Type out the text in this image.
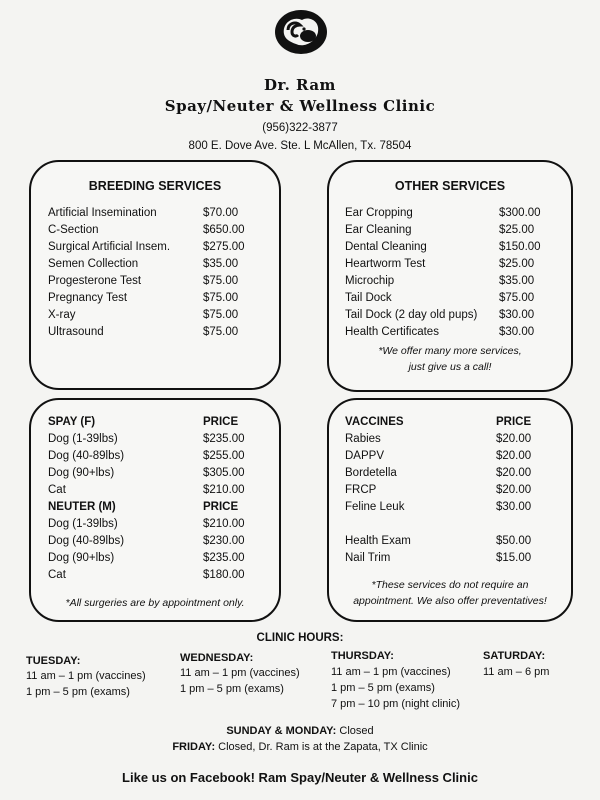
Dr. Ram
Spay/Neuter & Wellness Clinic
(956)322-3877
800 E. Dove Ave. Ste. L McAllen, Tx. 78504
BREEDING SERVICES
Artificial Insemination	$70.00
C-Section	$650.00
Surgical Artificial Insem.	$275.00
Semen Collection	$35.00
Progesterone Test	$75.00
Pregnancy Test	$75.00
X-ray	$75.00
Ultrasound	$75.00
OTHER SERVICES
Ear Cropping	$300.00
Ear Cleaning	$25.00
Dental Cleaning	$150.00
Heartworm Test	$25.00
Microchip	$35.00
Tail Dock	$75.00
Tail Dock (2 day old pups) $30.00
Health Certificates	$30.00
*We offer many more services,
just give us a call!
SPAY (F)	PRICE
Dog (1-39lbs)	$235.00
Dog (40-89lbs)	$255.00
Dog (90+lbs)	$305.00
Cat	$210.00
NEUTER (M)	PRICE
Dog (1-39lbs)	$210.00
Dog (40-89lbs)	$230.00
Dog (90+lbs)	$235.00
Cat	$180.00
*All surgeries are by appointment only.
VACCINES	PRICE
Rabies	$20.00
DAPPV	$20.00
Bordetella	$20.00
FRCP	$20.00
Feline Leuk	$30.00
Health Exam	$50.00
Nail Trim	$15.00
*These services do not require an
appointment. We also offer preventatives!
CLINIC HOURS:
TUESDAY:
11 am – 1 pm (vaccines)
1 pm – 5 pm (exams)
WEDNESDAY:
11 am – 1 pm (vaccines)
1 pm – 5 pm (exams)
THURSDAY:
11 am – 1 pm (vaccines)
1 pm – 5 pm (exams)
7 pm – 10 pm (night clinic)
SATURDAY:
11 am – 6 pm
SUNDAY & MONDAY: Closed
FRIDAY: Closed, Dr. Ram is at the Zapata, TX Clinic
Like us on Facebook! Ram Spay/Neuter & Wellness Clinic
